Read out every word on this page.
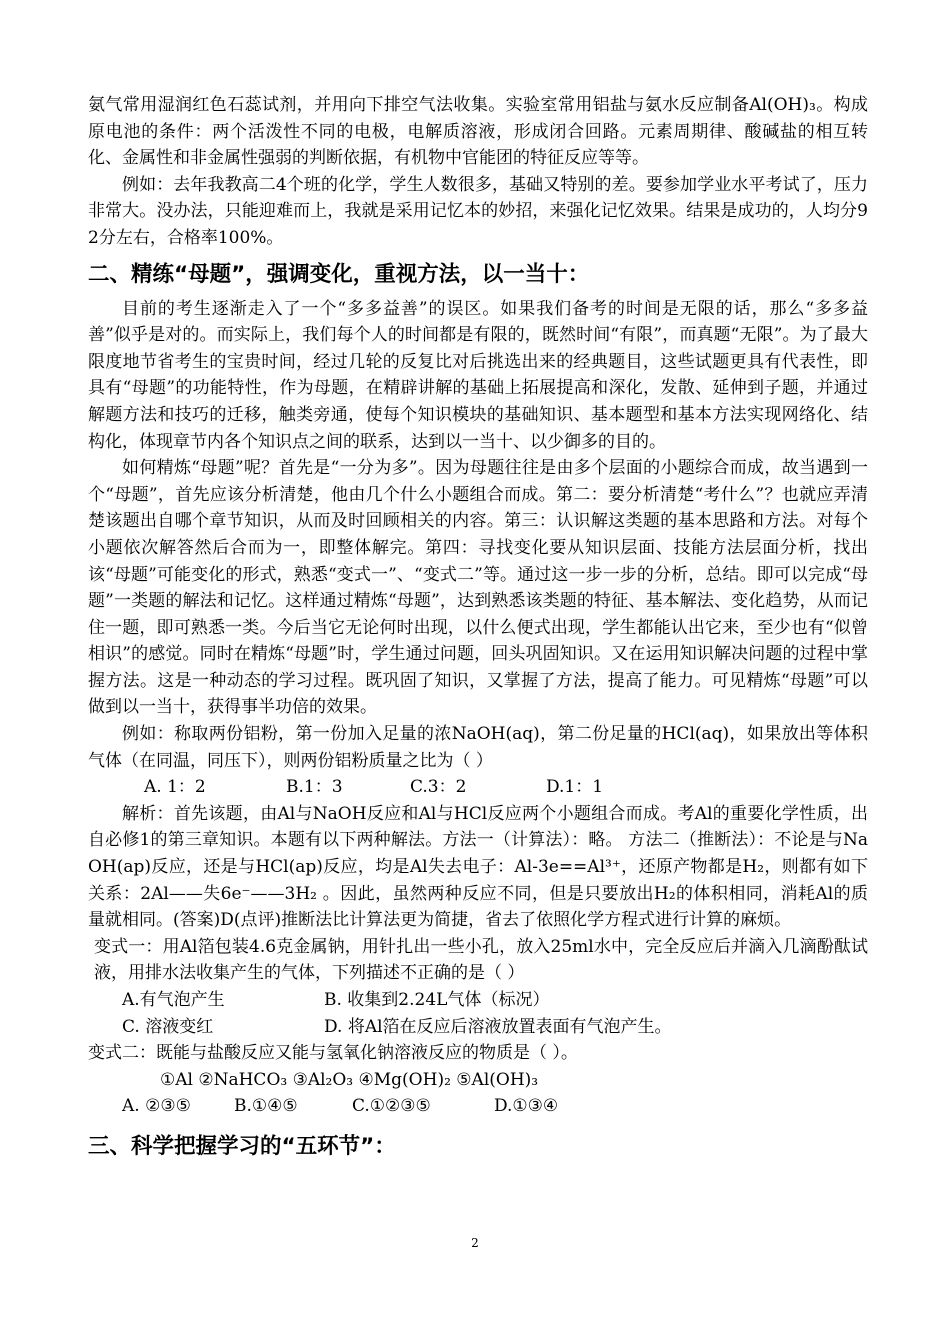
氨气常用湿润红色石蕊试剂，并用向下排空气法收集。实验室常用铝盐与氨水反应制备Al(OH)₃。构成原电池的条件：两个活泼性不同的电极，电解质溶液，形成闭合回路。元素周期律、酸碱盐的相互转化、金属性和非金属性强弱的判断依据，有机物中官能团的特征反应等等。

例如：去年我教高二4个班的化学，学生人数很多，基础又特别的差。要参加学业水平考试了，压力非常大。没办法，只能迎难而上，我就是采用记忆本的妙招，来强化记忆效果。结果是成功的，人均分92分左右，合格率100%。

二、精练“母题”，强调变化，重视方法，以一当十：

目前的考生逐渐走入了一个“多多益善”的误区。如果我们备考的时间是无限的话，那么“多多益善”似乎是对的。而实际上，我们每个人的时间都是有限的，既然时间“有限”，而真题“无限”。为了最大限度地节省考生的宝贵时间，经过几轮的反复比对后挑选出来的经典题目，这些试题更具有代表性，即具有“母题”的功能特性，作为母题，在精辟讲解的基础上拓展提高和深化，发散、延伸到子题，并通过解题方法和技巧的迁移，触类旁通，使每个知识模块的基础知识、基本题型和基本方法实现网络化、结构化，体现章节内各个知识点之间的联系，达到以一当十、以少御多的目的。

如何精炼“母题”呢？首先是“一分为多”。因为母题往往是由多个层面的小题综合而成，故当遇到一个“母题”，首先应该分析清楚，他由几个什么小题组合而成。第二：要分析清楚“考什么”？也就应弄清楚该题出自哪个章节知识，从而及时回顾相关的内容。第三：认识解这类题的基本思路和方法。对每个小题依次解答然后合而为一，即整体解完。第四：寻找变化要从知识层面、技能方法层面分析，找出该“母题”可能变化的形式，熟悉“变式一”、“变式二”等。通过这一步一步的分析，总结。即可以完成“母题”一类题的解法和记忆。这样通过精炼“母题”，达到熟悉该类题的特征、基本解法、变化趋势，从而记住一题，即可熟悉一类。今后当它无论何时出现，以什么便式出现，学生都能认出它来，至少也有“似曾相识”的感觉。同时在精炼“母题”时，学生通过问题，回头巩固知识。又在运用知识解决问题的过程中掌握方法。这是一种动态的学习过程。既巩固了知识，又掌握了方法，提高了能力。可见精炼“母题”可以做到以一当十，获得事半功倍的效果。

例如：称取两份铝粉，第一份加入足量的浓NaOH(aq)，第二份足量的HCl(aq)，如果放出等体积气体（在同温，同压下），则两份铝粉质量之比为（ ）

A. 1：2	B.1：3	C.3：2	D.1：1

解析：首先该题，由Al与NaOH反应和Al与HCl反应两个小题组合而成。考Al的重要化学性质，出自必修1的第三章知识。本题有以下两种解法。方法一（计算法）：略。 方法二（推断法）：不论是与NaOH(ap)反应，还是与HCl(ap)反应，均是Al失去电子：Al-3e==Al³⁺，还原产物都是H₂，则都有如下关系：2Al——失6e⁻——3H₂ 。因此，虽然两种反应不同，但是只要放出H₂的体积相同，消耗Al的质量就相同。(答案)D(点评)推断法比计算法更为简捷，省去了依照化学方程式进行计算的麻烦。

变式一：用Al箔包装4.6克金属钠，用针扎出一些小孔，放入25ml水中，完全反应后并滴入几滴酚酞试液，用排水法收集产生的气体，下列描述不正确的是（ ）

A.有气泡产生	B. 收集到2.24L气体（标况）
C. 溶液变红	D. 将Al箔在反应后溶液放置表面有气泡产生。

变式二：既能与盐酸反应又能与氢氧化钠溶液反应的物质是（ ）。

①Al ②NaHCO₃ ③Al₂O₃ ④Mg(OH)₂ ⑤Al(OH)₃
A. ②③⑤	B.①④⑤	C.①②③⑤	D.①③④
三、科学把握学习的“五环节”：
2
